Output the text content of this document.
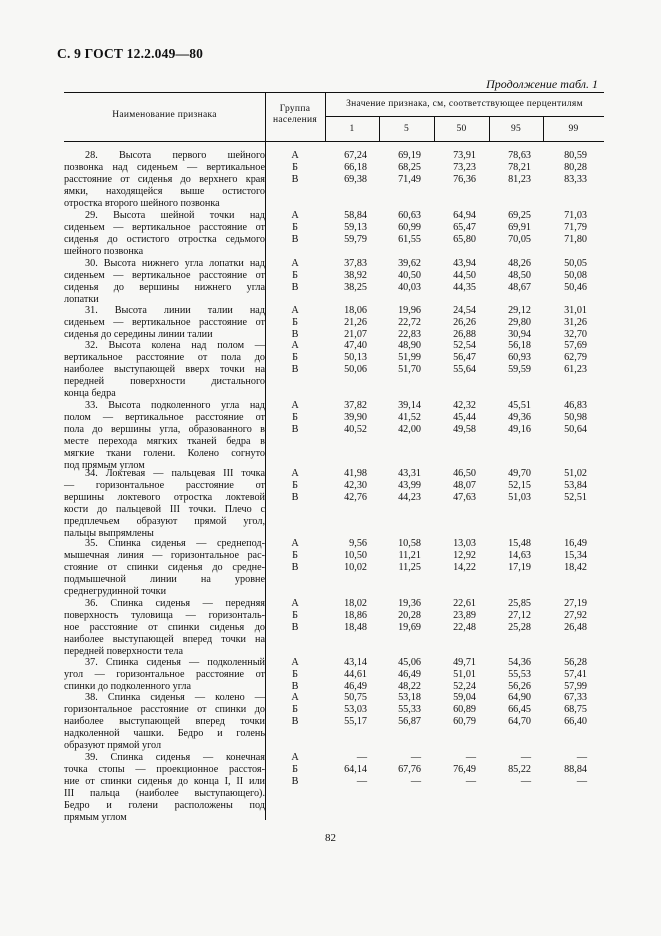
С. 9 ГОСТ 12.2.049—80
Продолжение табл. 1
Наименование признака
Группа
населения
Значение признака, см, соответствующее перцентилям
1	5	50	95	99
28. Высота первого шейного
позвонка над сиденьем — вертикальное
расстояние от сиденья до верхнего края
ямки, находящейся выше остистого
отростка второго шейного позвонка
А	67,24	69,19	73,91	78,63	80,59
Б	66,18	68,25	73,23	78,21	80,28
В	69,38	71,49	76,36	81,23	83,33
29. Высота шейной точки над
сиденьем — вертикальное расстояние от
сиденья до остистого отростка седьмого
шейного позвонка
А	58,84	60,63	64,94	69,25	71,03
Б	59,13	60,99	65,47	69,91	71,79
В	59,79	61,55	65,80	70,05	71,80
30. Высота нижнего угла лопатки над
сиденьем — вертикальное расстояние от
сиденья до вершины нижнего угла
лопатки
А	37,83	39,62	43,94	48,26	50,05
Б	38,92	40,50	44,50	48,50	50,08
В	38,25	40,03	44,35	48,67	50,46
31. Высота линии талии над
сиденьем — вертикальное расстояние от
сиденья до середины линии талии
А	18,06	19,96	24,54	29,12	31,01
Б	21,26	22,72	26,26	29,80	31,26
В	21,07	22,83	26,88	30,94	32,70
32. Высота колена над полом —
вертикальное расстояние от пола до
наиболее выступающей вверх точки на
передней поверхности дистального
конца бедра
А	47,40	48,90	52,54	56,18	57,69
Б	50,13	51,99	56,47	60,93	62,79
В	50,06	51,70	55,64	59,59	61,23
33. Высота подколенного угла над
полом — вертикальное расстояние от
пола до вершины угла, образованного в
месте перехода мягких тканей бедра в
мягкие ткани голени. Колено согнуто
под прямым углом
А	37,82	39,14	42,32	45,51	46,83
Б	39,90	41,52	45,44	49,36	50,98
В	40,52	42,00	49,58	49,16	50,64
34. Локтевая — пальцевая III точка
— горизонтальное расстояние от
вершины локтевого отростка локтевой
кости до пальцевой III точки. Плечо с
предплечьем образуют прямой угол,
пальцы выпрямлены
А	41,98	43,31	46,50	49,70	51,02
Б	42,30	43,99	48,07	52,15	53,84
В	42,76	44,23	47,63	51,03	52,51
35. Спинка сиденья — среднепод-
мышечная линия — горизонтальное рас-
стояние от спинки сиденья до средне-
подмышечной линии на уровне
среднегрудинной точки
А	9,56	10,58	13,03	15,48	16,49
Б	10,50	11,21	12,92	14,63	15,34
В	10,02	11,25	14,22	17,19	18,42
36. Спинка сиденья — передняя
поверхность туловища — горизонталь-
ное расстояние от спинки сиденья до
наиболее выступающей вперед точки на
передней поверхности тела
А	18,02	19,36	22,61	25,85	27,19
Б	18,86	20,28	23,89	27,12	27,92
В	18,48	19,69	22,48	25,28	26,48
37. Спинка сиденья — подколенный
угол — горизонтальное расстояние от
спинки до подколенного угла
А	43,14	45,06	49,71	54,36	56,28
Б	44,61	46,49	51,01	55,53	57,41
В	46,49	48,22	52,24	56,26	57,99
38. Спинка сиденья — колено —
горизонтальное расстояние от спинки до
наиболее выступающей вперед точки
надколенной чашки. Бедро и голень
образуют прямой угол
А	50,75	53,18	59,04	64,90	67,33
Б	53,03	55,33	60,89	66,45	68,75
В	55,17	56,87	60,79	64,70	66,40
39. Спинка сиденья — конечная
точка стопы — проекционное расстоя-
ние от спинки сиденья до конца I, II или
III пальца (наиболее выступающего).
Бедро и голени расположены под
прямым углом
А	—	—	—	—	—
Б	64,14	67,76	76,49	85,22	88,84
В	—	—	—	—	—
82
